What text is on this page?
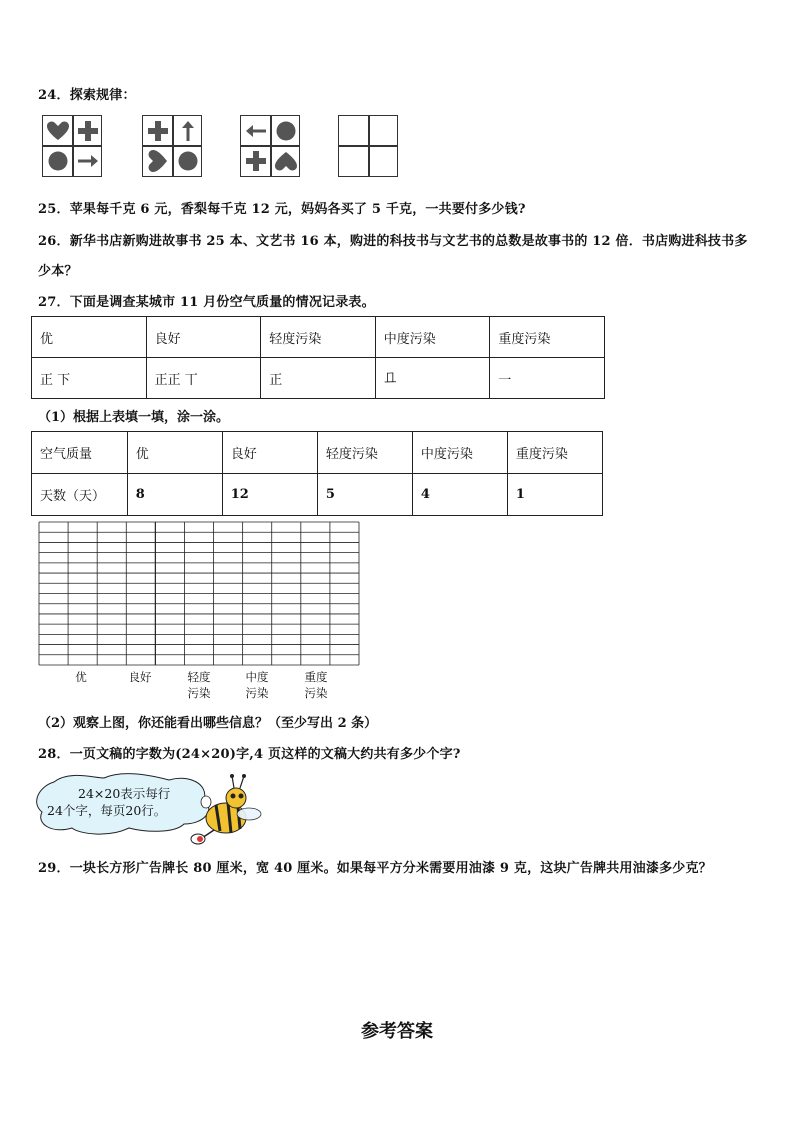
24．探索规律：
25．苹果每千克 6 元，香梨每千克 12 元，妈妈各买了 5 千克，一共要付多少钱?
26．新华书店新购进故事书 25 本、文艺书 16 本，购进的科技书与文艺书的总数是故事书的 12 倍．书店购进科技书多
少本？
27．下面是调查某城市 11 月份空气质量的情况记录表。
优	良好	轻度污染	中度污染	重度污染
正 下	正正 丅	正	𠀃	一
（1）根据上表填一填，涂一涂。
空气质量	优	良好	轻度污染	中度污染	重度污染
天数（天）	8	12	5	4	1
优	良好	轻度
污染
中度
污染
重度
污染
（2）观察上图，你还能看出哪些信息？（至少写出 2 条）
28．一页文稿的字数为(24×20)字,4 页这样的文稿大约共有多少个字?
24×20表示每行
24个字，每页20行。
29．一块长方形广告牌长 80 厘米，宽 40 厘米。如果每平方分米需要用油漆 9 克，这块广告牌共用油漆多少克？
参考答案
